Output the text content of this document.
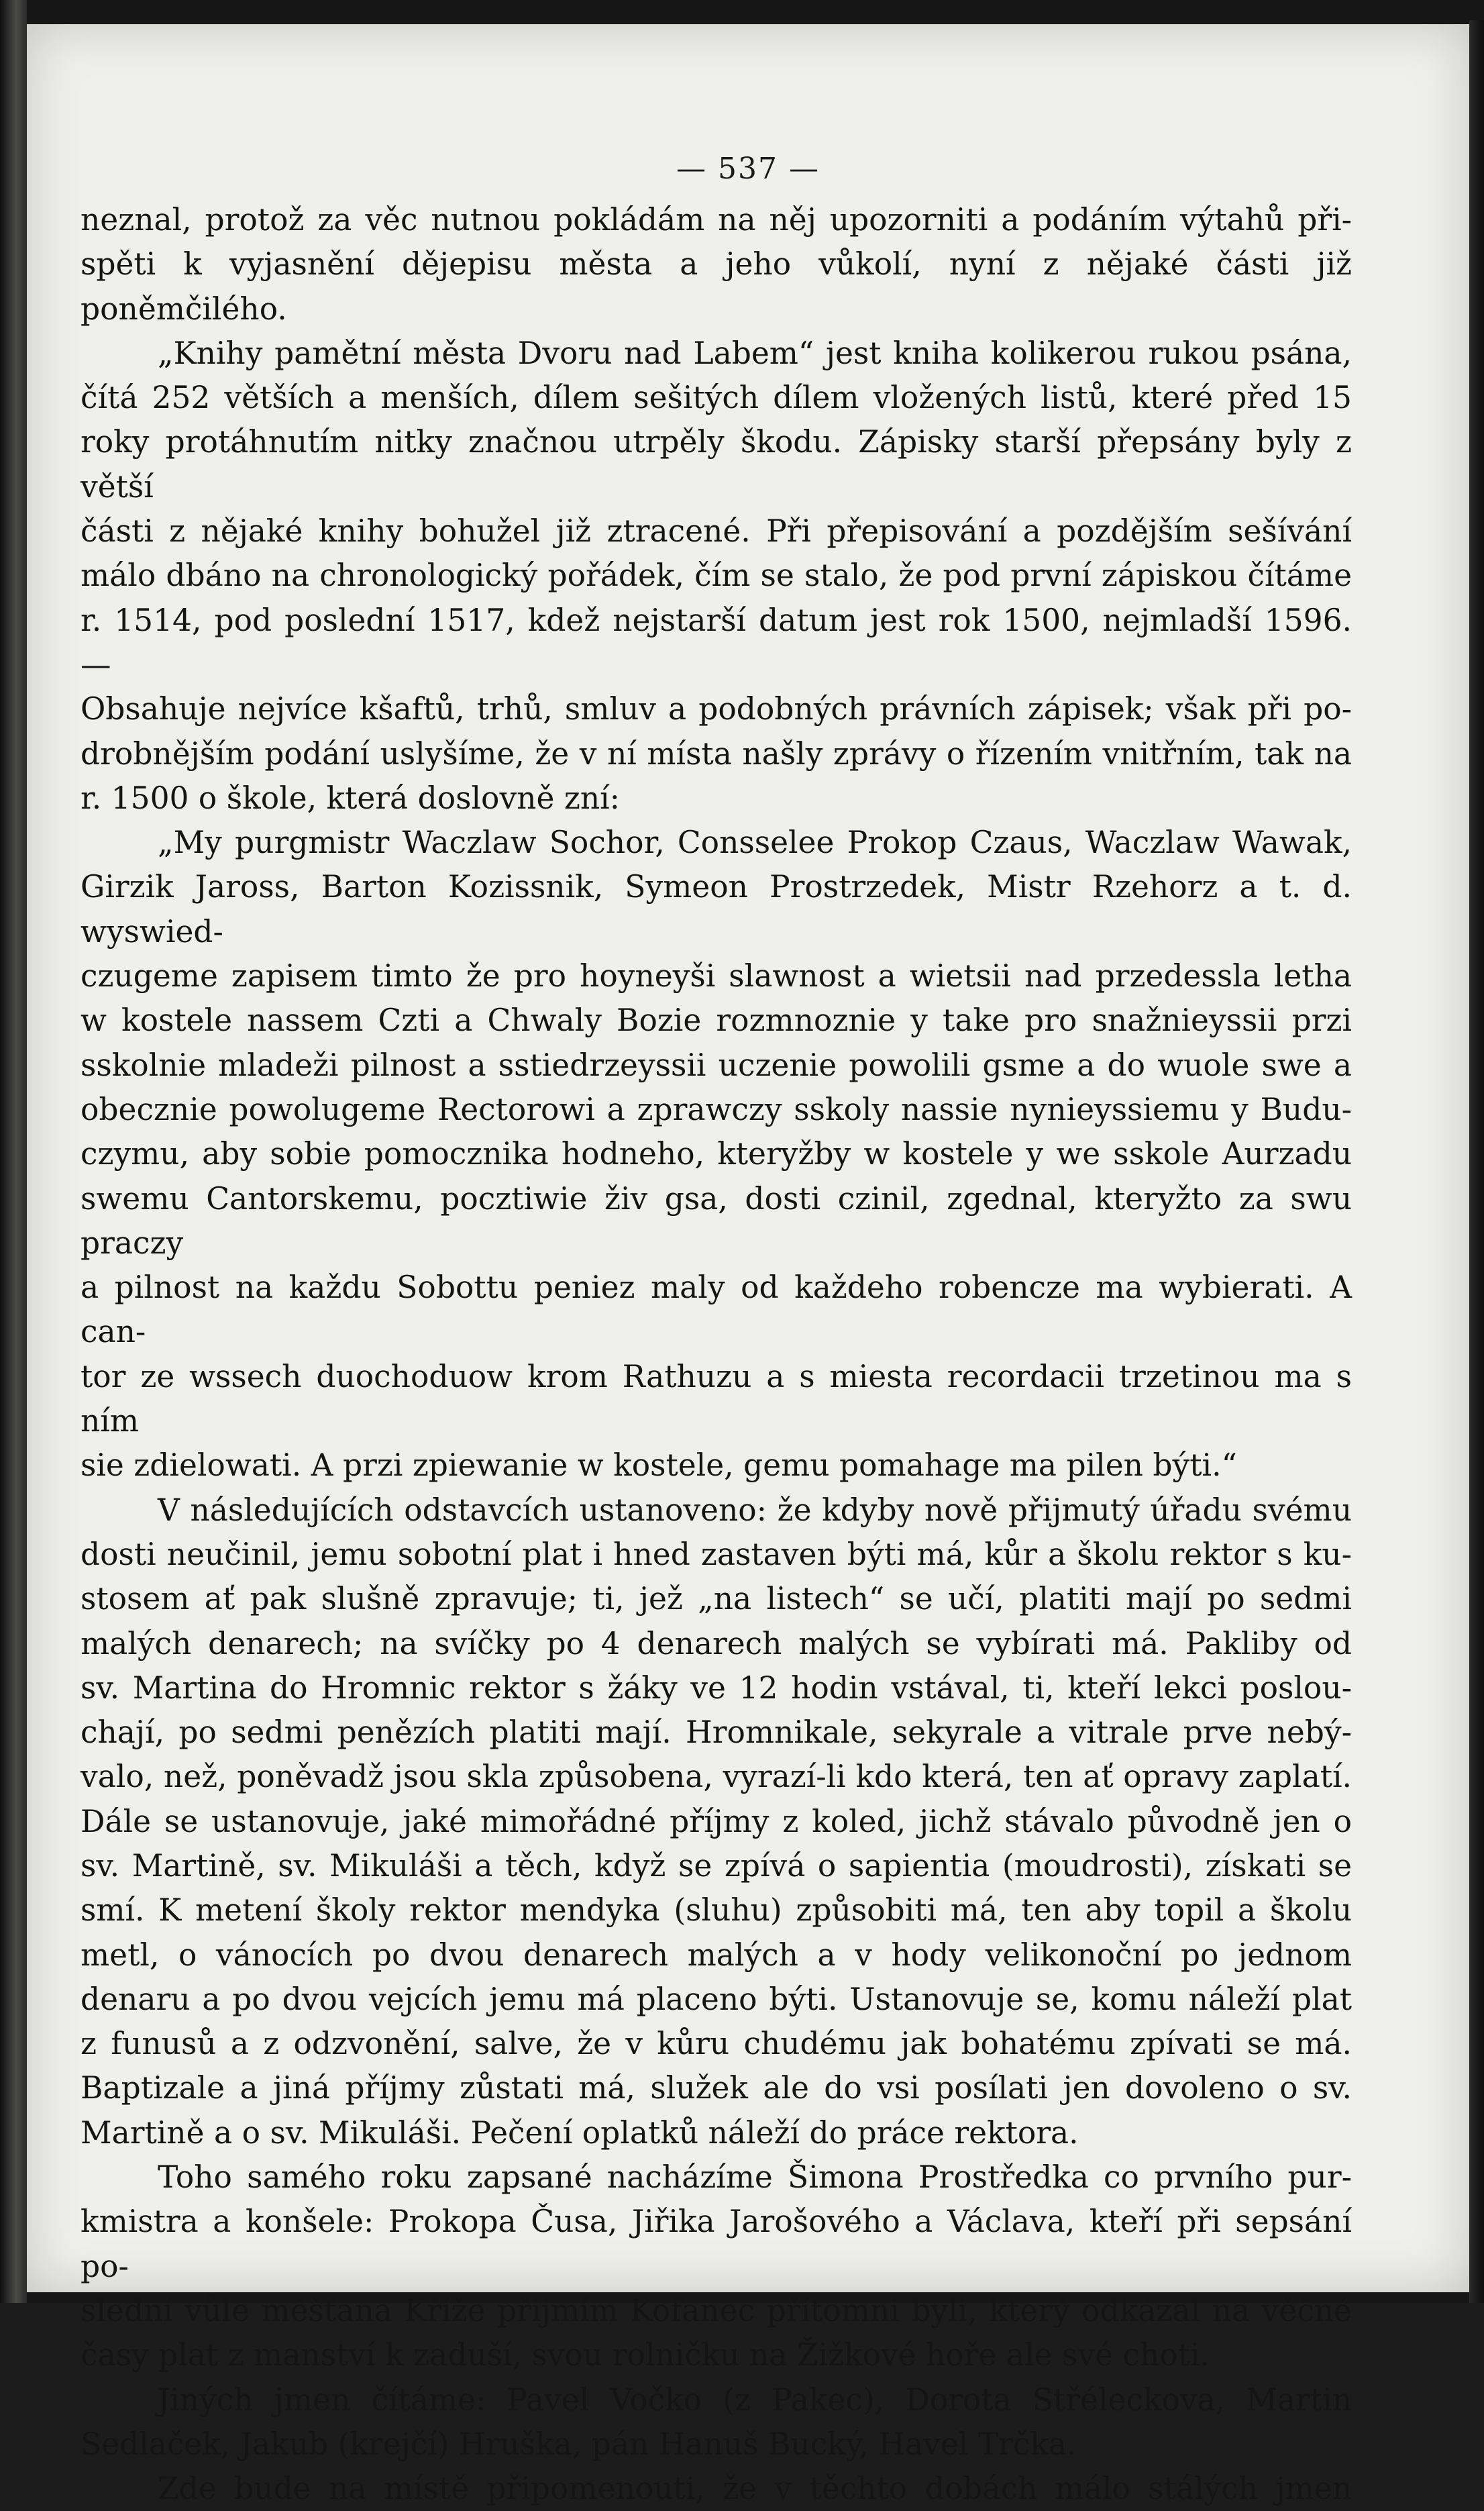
— 537 —

neznal, protož za věc nutnou pokládám na něj upozorniti a podáním výtahů při-

spěti k vyjasnění dějepisu města a jeho vůkolí, nyní z nějaké části již poněmčilého.

„Knihy pamětní města Dvoru nad Labem“ jest kniha kolikerou rukou psána,

čítá 252 větších a menších, dílem sešitých dílem vložených listů, které před 15

roky protáhnutím nitky značnou utrpěly škodu. Zápisky starší přepsány byly z větší

části z nějaké knihy bohužel již ztracené. Při přepisování a pozdějším sešívání

málo dbáno na chronologický pořádek, čím se stalo, že pod první zápiskou čítáme

r. 1514, pod poslední 1517, kdež nejstarší datum jest rok 1500, nejmladší 1596. —

Obsahuje nejvíce kšaftů, trhů, smluv a podobných právních zápisek; však při po-

drobnějším podání uslyšíme, že v ní místa našly zprávy o řízením vnitřním, tak na

r. 1500 o škole, která doslovně zní:

„My purgmistr Waczlaw Sochor, Consselee Prokop Czaus, Waczlaw Wawak,

Girzik Jaross, Barton Kozissnik, Symeon Prostrzedek, Mistr Rzehorz a t. d. wyswied-

czugeme zapisem timto že pro hoyneyši slawnost a wietsii nad przedessla letha

w kostele nassem Czti a Chwaly Bozie rozmnoznie y take pro snažnieyssii przi

sskolnie mladeži pilnost a sstiedrzeyssii uczenie powolili gsme a do wuole swe a

obecznie powolugeme Rectorowi a zprawczy sskoly nassie nynieyssiemu y Budu-

czymu, aby sobie pomocznika hodneho, kteryžby w kostele y we sskole Aurzadu

swemu Cantorskemu, pocztiwie živ gsa, dosti czinil, zgednal, kteryžto za swu praczy

a pilnost na každu Sobottu peniez maly od každeho robencze ma wybierati. A can-

tor ze wssech duochoduow krom Rathuzu a s miesta recordacii trzetinou ma s ním

sie zdielowati. A przi zpiewanie w kostele, gemu pomahage ma pilen býti.“

V následujících odstavcích ustanoveno: že kdyby nově přijmutý úřadu svému

dosti neučinil, jemu sobotní plat i hned zastaven býti má, kůr a školu rektor s ku-

stosem ať pak slušně zpravuje; ti, jež „na listech“ se učí, platiti mají po sedmi

malých denarech; na svíčky po 4 denarech malých se vybírati má. Pakliby od

sv. Martina do Hromnic rektor s žáky ve 12 hodin vstával, ti, kteří lekci poslou-

chají, po sedmi penězích platiti mají. Hromnikale, sekyrale a vitrale prve nebý-

valo, než, poněvadž jsou skla způsobena, vyrazí-li kdo která, ten ať opravy zaplatí.

Dále se ustanovuje, jaké mimořádné příjmy z koled, jichž stávalo původně jen o

sv. Martině, sv. Mikuláši a těch, když se zpívá o sapientia (moudrosti), získati se

smí. K metení školy rektor mendyka (sluhu) způsobiti má, ten aby topil a školu

metl, o vánocích po dvou denarech malých a v hody velikonoční po jednom

denaru a po dvou vejcích jemu má placeno býti. Ustanovuje se, komu náleží plat

z funusů a z odzvonění, salve, že v kůru chudému jak bohatému zpívati se má.

Baptizale a jiná příjmy zůstati má, služek ale do vsi posílati jen dovoleno o sv.

Martině a o sv. Mikuláši. Pečení oplatků náleží do práce rektora.

Toho samého roku zapsané nacházíme Šimona Prostředka co prvního pur-

kmistra a konšele: Prokopa Čusa, Jiřika Jarošového a Václava, kteří při sepsání po-

slední vůle měšťana Kříže přijmím Kofanec přítomni byli, který odkázal na věčné

časy plat z manství k zaduší, svou rolničku na Žižkové hoře ale své choti.

Jiných jmen čítáme: Pavel Vočko (z Pakec), Dorota Střéleckova, Martin

Sedlaček, Jakub (krejčí) Hruška, pán Hanuš Bucký, Havel Trčka.

Zde bude na místě připomenouti, že v těchto dobách málo stálých jmen
